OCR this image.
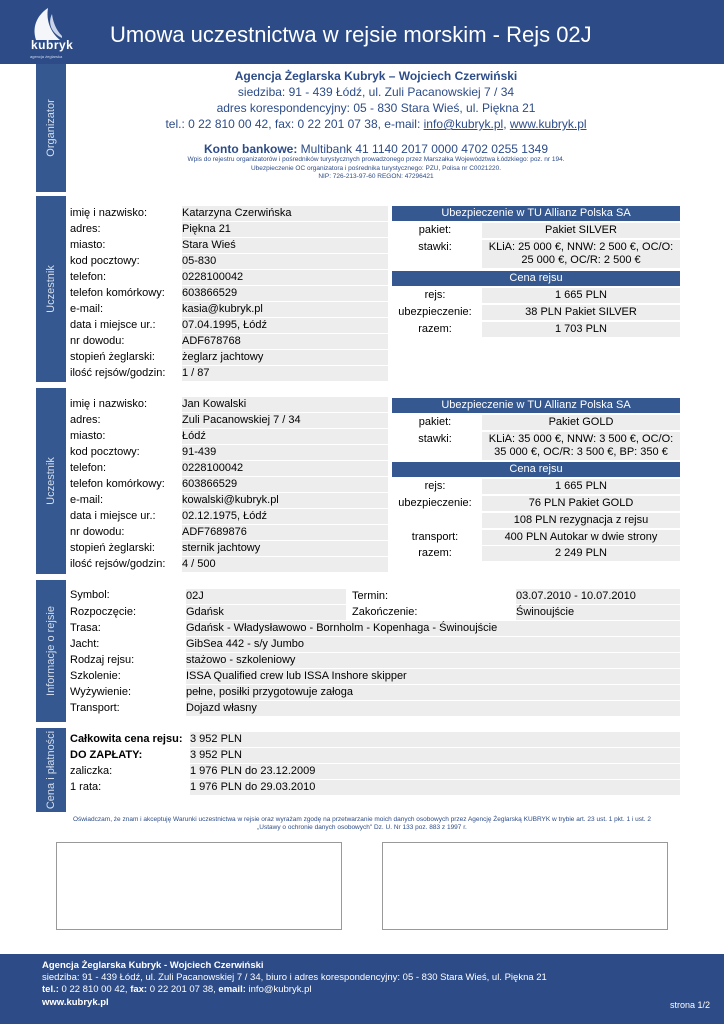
kubryk
agencja żeglarska
Umowa uczestnictwa w rejsie morskim - Rejs 02J
Organizator
Uczestnik
Uczestnik
Informacje o rejsie
Cena i płatności
Agencja Żeglarska Kubryk – Wojciech Czerwiński
siedziba: 91 - 439 Łódź, ul. Zuli Pacanowskiej 7 / 34
adres korespondencyjny: 05 - 830 Stara Wieś, ul. Piękna 21
tel.: 0 22 810 00 42, fax: 0 22 201 07 38, e-mail: info@kubryk.pl, www.kubryk.pl
Konto bankowe: Multibank 41 1140 2017 0000 4702 0255 1349
Wpis do rejestru organizatorów i pośredników turystycznych prowadzonego przez Marszałka Województwa Łódzkiego: poz. nr 194.
Ubezpieczenie OC organizatora i pośrednika turystycznego: PZU, Polisa nr C0021220.
NIP: 726-213-97-60 REGON: 47296421
imię i nazwisko:	Katarzyna Czerwińska
adres:	Piękna 21
miasto:	Stara Wieś
kod pocztowy:	05-830
telefon:	0228100042
telefon komórkowy:	603866529
e-mail:	kasia@kubryk.pl
data i miejsce ur.:	07.04.1995, Łódź
nr dowodu:	ADF678768
stopień żeglarski:	żeglarz jachtowy
ilość rejsów/godzin:	1 / 87
Ubezpieczenie w TU Allianz Polska SA
pakiet:	Pakiet SILVER
stawki:	KLiA: 25 000 €, NNW: 2 500 €, OC/O:
25 000 €, OC/R: 2 500 €
Cena rejsu
rejs:	1 665 PLN
ubezpieczenie:	38 PLN Pakiet SILVER
razem:	1 703 PLN
imię i nazwisko:	Jan Kowalski
adres:	Zuli Pacanowskiej 7 / 34
miasto:	Łódź
kod pocztowy:	91-439
telefon:	0228100042
telefon komórkowy:	603866529
e-mail:	kowalski@kubryk.pl
data i miejsce ur.:	02.12.1975, Łódź
nr dowodu:	ADF7689876
stopień żeglarski:	sternik jachtowy
ilość rejsów/godzin:	4 / 500
Ubezpieczenie w TU Allianz Polska SA
pakiet:	Pakiet GOLD
stawki:	KLiA: 35 000 €, NNW: 3 500 €, OC/O:
35 000 €, OC/R: 3 500 €, BP: 350 €
Cena rejsu
rejs:	1 665 PLN
ubezpieczenie:	76 PLN Pakiet GOLD
108 PLN rezygnacja z rejsu
transport:	400 PLN Autokar w dwie strony
razem:	2 249 PLN
Symbol:	02J	Termin:	03.07.2010 - 10.07.2010
Rozpoczęcie:	Gdańsk	Zakończenie:	Świnoujście
Trasa:	Gdańsk - Władysławowo - Bornholm - Kopenhaga - Świnoujście
Jacht:	GibSea 442 - s/y Jumbo
Rodzaj rejsu:	stażowo - szkoleniowy
Szkolenie:	ISSA Qualified crew lub ISSA Inshore skipper
Wyżywienie:	pełne, posiłki przygotowuje załoga
Transport:	Dojazd własny
Całkowita cena rejsu: 3 952 PLN
DO ZAPŁATY:	3 952 PLN
zaliczka:	1 976 PLN do 23.12.2009
1 rata:	1 976 PLN do 29.03.2010
Oświadczam, że znam i akceptuję Warunki uczestnictwa w rejsie oraz wyrażam zgodę na przetwarzanie moich danych osobowych przez Agencję Żeglarską KUBRYK w trybie art. 23 ust. 1 pkt. 1 i ust. 2
„Ustawy o ochronie danych osobowych" Dz. U. Nr 133 poz. 883 z 1997 r.
Agencja Żeglarska Kubryk - Wojciech Czerwiński
siedziba: 91 - 439 Łódź, ul. Zuli Pacanowskiej 7 / 34, biuro i adres korespondencyjny: 05 - 830 Stara Wieś, ul. Piękna 21
tel.: 0 22 810 00 42, fax: 0 22 201 07 38, email: info@kubryk.pl
www.kubryk.pl	strona 1/2
